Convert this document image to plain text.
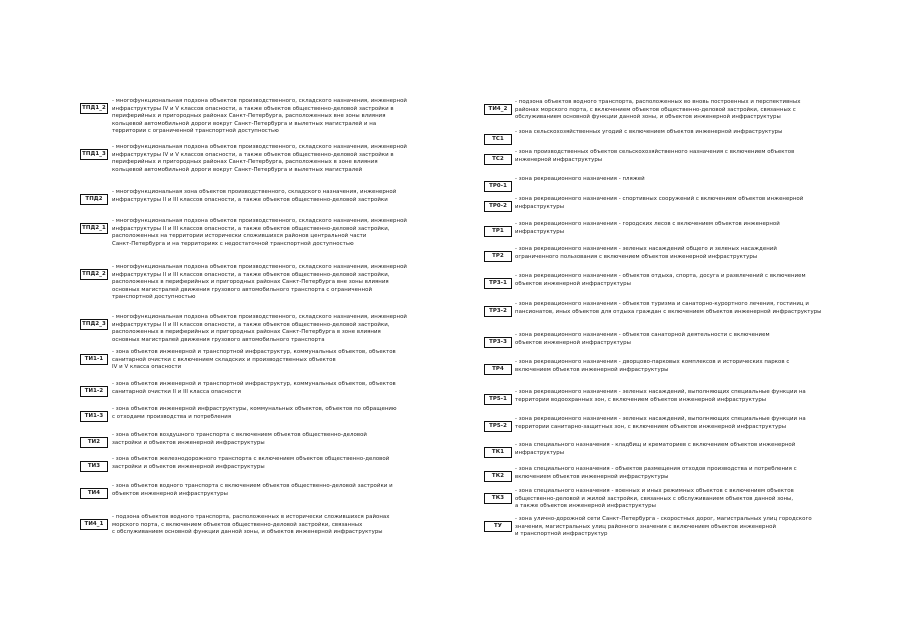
ТПД1_2
- многофункциональная подзона объектов производственного, складского назначения, инженерной
инфраструктуры IV и V классов опасности, а также объектов общественно-деловой застройки в
периферийных и пригородных районах Санкт-Петербурга, расположенных вне зоны влияния
кольцевой автомобильной дороги вокруг Санкт-Петербурга и вылетных магистралей и на
территории с ограниченной транспортной доступностью
ТПД1_3
- многофункциональная подзона объектов производственного, складского назначения, инженерной
инфраструктуры IV и V классов опасности, а также объектов общественно-деловой застройки в
периферийных и пригородных районах Санкт-Петербурга, расположенных в зоне влияния
кольцевой автомобильной дороги вокруг Санкт-Петербурга и вылетных магистралей
ТПД2
- многофункциональная зона объектов производственного, складского назначения, инженерной
инфраструктуры II и III классов опасности, а также объектов общественно-деловой застройки
ТПД2_1
- многофункциональная подзона объектов производственного, складского назначения, инженерной
инфраструктуры II и III классов опасности, а также объектов общественно-деловой застройки,
расположенных на территории исторически сложившихся районов центральной части
Санкт-Петербурга и на территориях с недостаточной транспортной доступностью
ТПД2_2
- многофункциональная подзона объектов производственного, складского назначения, инженерной
инфраструктуры II и III классов опасности, а также объектов общественно-деловой застройки,
расположенных в периферийных и пригородных районах Санкт-Петербурга вне зоны влияния
основных магистралей движения грузового автомобильного транспорта с ограниченной
транспортной доступностью
ТПД2_3
- многофункциональная подзона объектов производственного, складского назначения, инженерной
инфраструктуры II и III классов опасности, а также объектов общественно-деловой застройки,
расположенных в периферийных и пригородных районах Санкт-Петербурга в зоне влияния
основных магистралей движения грузового автомобильного транспорта
ТИ1-1
- зона объектов инженерной и транспортной инфраструктур, коммунальных объектов, объектов
санитарной очистки с включением складских и производственных объектов
IV и V класса опасности
ТИ1-2
- зона объектов инженерной и транспортной инфраструктур, коммунальных объектов, объектов
санитарной очистки II и III класса опасности
ТИ1-3
- зона объектов инженерной инфраструктуры, коммунальных объектов, объектов по обращению
с отходами производства и потребления
ТИ2
- зона объектов воздушного транспорта с включением объектов общественно-деловой
застройки и объектов инженерной инфраструктуры
ТИ3
- зона объектов железнодорожного транспорта с включением объектов общественно-деловой
застройки и объектов инженерной инфраструктуры
ТИ4
- зона объектов водного транспорта с включением объектов общественно-деловой застройки и
объектов инженерной инфраструктуры
ТИ4_1
- подзона объектов водного транспорта, расположенных в исторически сложившихся районах
морского порта, с включением объектов общественно-деловой застройки, связанных
с обслуживанием основной функции данной зоны, и объектов инженерной инфраструктуры
ТИ4_2
- подзона объектов водного транспорта, расположенных во вновь построенных и перспективных
районах морского порта, с включением объектов общественно-деловой застройки, связанных с
обслуживанием основной функции данной зоны, и объектов инженерной инфраструктуры
ТС1
- зона сельскохозяйственных угодий с включением объектов инженерной инфраструктуры
ТС2
- зона производственных объектов сельскохозяйственного назначения с включением объектов
инженерной инфраструктуры
ТР0-1
- зона рекреационного назначения - пляжей
ТР0-2
- зона рекреационного назначения - спортивных сооружений с включением объектов инженерной
инфраструктуры
ТР1
- зона рекреационного назначения - городских лесов с включением объектов инженерной
инфраструктуры
ТР2
- зона рекреационного назначения - зеленых насаждений общего и зеленых насаждений
ограниченного пользования с включением объектов инженерной инфраструктуры
ТР3-1
- зона рекреационного назначения - объектов отдыха, спорта, досуга и развлечений с включением
объектов инженерной инфраструктуры
ТР3-2
- зона рекреационного назначения - объектов туризма и санаторно-курортного лечения, гостиниц и
пансионатов, иных объектов для отдыха граждан с включением объектов инженерной инфраструктуры
ТР3-3
- зона рекреационного назначения - объектов санаторной деятельности с включением
объектов инженерной инфраструктуры
ТР4
- зона рекреационного назначения - дворцово-парковых комплексов и исторических парков с
включением объектов инженерной инфраструктуры
ТР5-1
- зона рекреационного назначения - зеленых насаждений, выполняющих специальные функции на
территории водоохранных зон, с включением объектов инженерной инфраструктуры
ТР5-2
- зона рекреационного назначения - зеленых насаждений, выполняющих специальные функции на
территории санитарно-защитных зон, с включением объектов инженерной инфраструктуры
ТК1
- зона специального назначения - кладбищ и крематориев с включением объектов инженерной
инфраструктуры
ТК2
- зона специального назначения - объектов размещения отходов производства и потребления с
включением объектов инженерной инфраструктуры
ТК3
- зона специального назначения - военных и иных режимных объектов с включением объектов
общественно-деловой и жилой застройки, связанных с обслуживанием объектов данной зоны,
а также объектов инженерной инфраструктуры
ТУ
- зона улично-дорожной сети Санкт-Петербурга - скоростных дорог, магистральных улиц городского
значения, магистральных улиц районного значения с включением объектов инженерной
и транспортной инфраструктур
